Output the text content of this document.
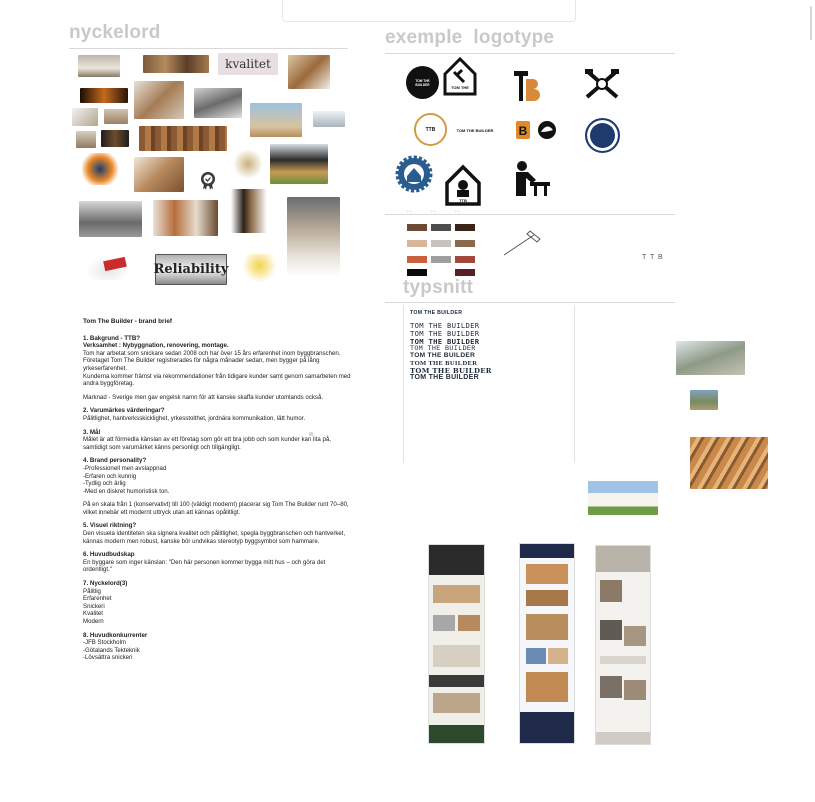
nyckelord	exemple  logotype
typsnitt
kvalitet
Reliability
Tom The Builder - brand brief
1. Bakgrund - TTB?

Verksamhet : Nybyggnation, renovering, montage.

Tom har arbetat som snickare sedan 2008 och har över 15 års erfarenhet inom byggbranschen. Företaget Tom The Builder registrerades för några månader sedan, men bygger på lång yrkeserfarenhet.

Kunderna kommer främst via rekommendationer från tidigare kunder samt genom samarbeten med andra byggföretag.

Marknad - Sverige men gav engelsk namn för att kanske skaffa kunder utomlands också.

2. Varumärkes värderingar?

Pålitlighet, hantverksskicklighet, yrkesstolthet, jordnära kommunikation, lätt humor.

3. Mål

Målet är att förmedla känslan av ett företag som gör ett bra jobb och som kunder kan lita på, samtidigt som varumärket känns personligt och tillgängligt.

4. Brand personality?

-Professionell men avslappnad

-Erfaren och kunnig

-Tydlig och ärlig

-Med en diskret humoristisk ton.

På en skala från 1 (konservativt) till 100 (väldigt modernt) placerar sig Tom The Builder runt 70–80, vilket innebär ett modernt uttryck utan att kännas opålitligt.

5. Visuel riktning?

Den visuela identiteten ska signera kvalitet och pålitlighet, spegla byggbranschen och hantverket, kännas modern men robust, kanske bör undvikas stereotyp byggsymbol som hammare.

6. Huvudbudskap

En byggare som inger känslan: "Den här personen kommer bygga mitt hus – och göra det ordentligt."

7. Nyckelord(3)

Pålitlig

Erfarenhet

Snickeri

Kvalitet

Modern

8. Huvudkonkurrenter

-JFB Stockholm

-Götalands Tekteknik

-Lövsättra snickeri

TOM THE BUILDER
TOM THE
TTB	TOM THE BUILDER B
TTB
• • •	• • •	• • •
T T B
TOM THE BUILDER
TOM THE BUILDER
TOM THE BUILDER
TOM THE BUILDER
TOM THE BUILDER
TOM THE BUILDER
TOM THE BUILDER
TOM THE BUILDER
TOM THE BUILDER
